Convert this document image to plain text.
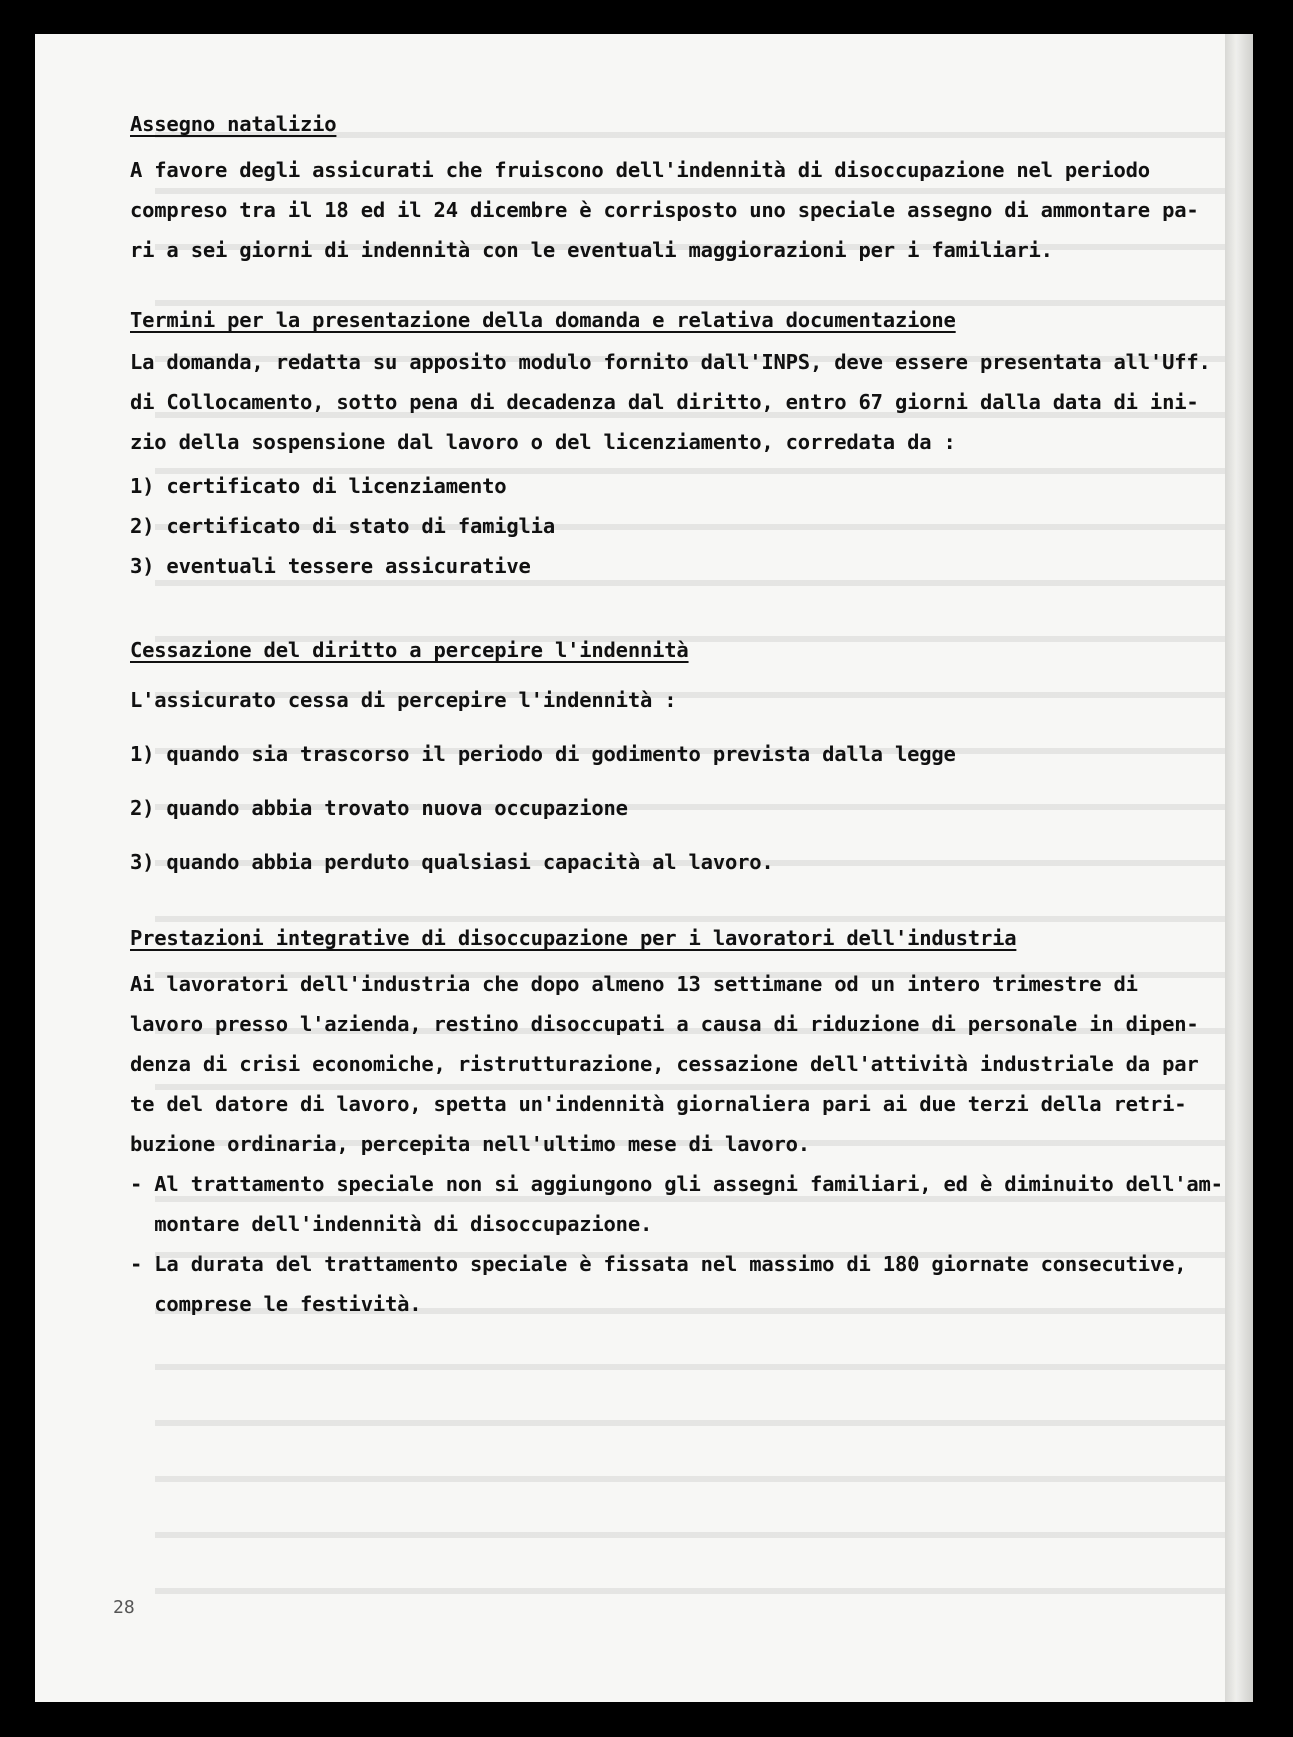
Assegno natalizio

A favore degli assicurati che fruiscono dell'indennità di disoccupazione nel periodo

compreso tra il 18 ed il 24 dicembre è corrisposto uno speciale assegno di ammontare pa-

ri a sei giorni di indennità con le eventuali maggiorazioni per i familiari.

Termini per la presentazione della domanda e relativa documentazione

La domanda, redatta su apposito modulo fornito dall'INPS, deve essere presentata all'Uff.

di Collocamento, sotto pena di decadenza dal diritto, entro 67 giorni dalla data di ini-

zio della sospensione dal lavoro o del licenziamento, corredata da :

1) certificato di licenziamento

2) certificato di stato di famiglia

3) eventuali tessere assicurative

Cessazione del diritto a percepire l'indennità

L'assicurato cessa di percepire l'indennità :

1) quando sia trascorso il periodo di godimento prevista dalla legge

2) quando abbia trovato nuova occupazione

3) quando abbia perduto qualsiasi capacità al lavoro.

Prestazioni integrative di disoccupazione per i lavoratori dell'industria

Ai lavoratori dell'industria che dopo almeno 13 settimane od un intero trimestre di

lavoro presso l'azienda, restino disoccupati a causa di riduzione di personale in dipen-

denza di crisi economiche, ristrutturazione, cessazione dell'attività industriale da par

te del datore di lavoro, spetta un'indennità giornaliera pari ai due terzi della retri-

buzione ordinaria, percepita nell'ultimo mese di lavoro.

- Al trattamento speciale non si aggiungono gli assegni familiari, ed è diminuito dell'am-

montare dell'indennità di disoccupazione.

- La durata del trattamento speciale è fissata nel massimo di 180 giornate consecutive,

comprese le festività.

28
